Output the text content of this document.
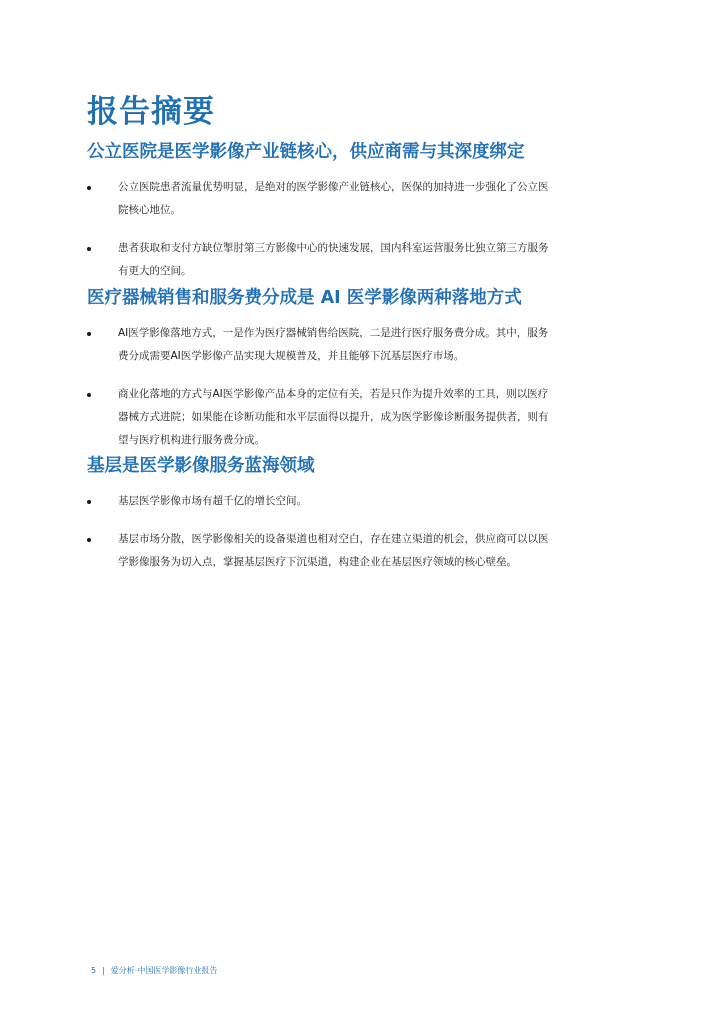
报告摘要
公立医院是医学影像产业链核心，供应商需与其深度绑定
公立医院患者流量优势明显，是绝对的医学影像产业链核心，医保的加持进一步强化了公立医院核心地位。
患者获取和支付方缺位掣肘第三方影像中心的快速发展，国内科室运营服务比独立第三方服务有更大的空间。
医疗器械销售和服务费分成是 AI 医学影像两种落地方式
AI医学影像落地方式，一是作为医疗器械销售给医院，二是进行医疗服务费分成。其中，服务费分成需要AI医学影像产品实现大规模普及，并且能够下沉基层医疗市场。
商业化落地的方式与AI医学影像产品本身的定位有关，若是只作为提升效率的工具，则以医疗器械方式进院；如果能在诊断功能和水平层面得以提升，成为医学影像诊断服务提供者，则有望与医疗机构进行服务费分成。
基层是医学影像服务蓝海领域
基层医学影像市场有超千亿的增长空间。
基层市场分散，医学影像相关的设备渠道也相对空白，存在建立渠道的机会，供应商可以以医学影像服务为切入点，掌握基层医疗下沉渠道，构建企业在基层医疗领域的核心壁垒。
5 | 爱分析·中国医学影像行业报告
